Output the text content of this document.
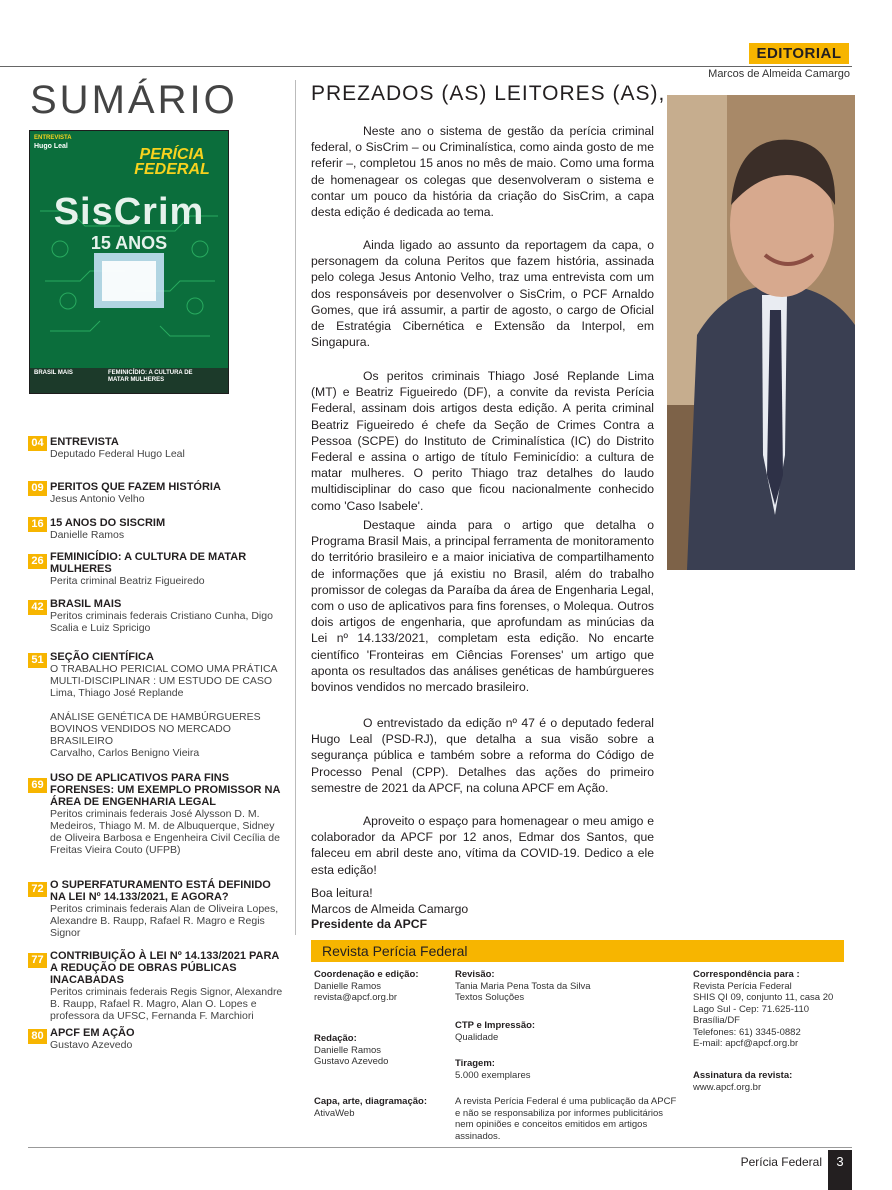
EDITORIAL
Marcos de Almeida Camargo
SUMÁRIO
PERÍCIA FEDERAL
SisCrim
15 ANOS
ENTREVISTA
Hugo Leal
BRASIL MAIS	FEMINICÍDIO: A CULTURA DE MATAR MULHERES
04 ENTREVISTA
Deputado Federal Hugo Leal
09 PERITOS QUE FAZEM HISTÓRIA
Jesus Antonio Velho
16 15 ANOS DO SISCRIM
Danielle Ramos
26 FEMINICÍDIO: A CULTURA DE MATAR MULHERES
Perita criminal Beatriz Figueiredo
42 BRASIL MAIS
Peritos criminais federais Cristiano Cunha, Digo Scalia e Luiz Spricigo
51 SEÇÃO CIENTÍFICA
O TRABALHO PERICIAL COMO UMA PRÁTICA MULTI-DISCIPLINAR : UM ESTUDO DE CASO
Lima, Thiago José Replande
ANÁLISE GENÉTICA DE HAMBÚRGUERES BOVINOS VENDIDOS NO MERCADO BRASILEIRO
Carvalho, Carlos Benigno Vieira
69
USO DE APLICATIVOS PARA FINS FORENSES: UM EXEMPLO PROMISSOR NA ÁREA DE ENGENHARIA LEGAL
Peritos criminais federais José Alysson D. M. Medeiros, Thiago M. M. de Albuquerque, Sidney de Oliveira Barbosa e Engenheira Civil Cecília de Freitas Vieira Couto (UFPB)
72 O SUPERFATURAMENTO ESTÁ DEFINIDO NA LEI Nº 14.133/2021, E AGORA?
Peritos criminais federais Alan de Oliveira Lopes, Alexandre B. Raupp, Rafael R. Magro e Regis Signor
77 CONTRIBUIÇÃO À LEI Nº 14.133/2021 PARA A REDUÇÃO DE OBRAS PÚBLICAS INACABADAS
Peritos criminais federais Regis Signor, Alexandre B. Raupp, Rafael R. Magro, Alan O. Lopes e professora da UFSC, Fernanda F. Marchiori
80 APCF EM AÇÃO
Gustavo Azevedo
PREZADOS (AS) LEITORES (AS),
Neste ano o sistema de gestão da perícia criminal federal, o SisCrim – ou Criminalística, como ainda gosto de me referir –, completou 15 anos no mês de maio. Como uma forma de homenagear os colegas que desenvolveram o sistema e contar um pouco da história da criação do SisCrim, a capa desta edição é dedicada ao tema.
Ainda ligado ao assunto da reportagem da capa, o personagem da coluna Peritos que fazem história, assinada pelo colega Jesus Antonio Velho, traz uma entrevista com um dos responsáveis por desenvolver o SisCrim, o PCF Arnaldo Gomes, que irá assumir, a partir de agosto, o cargo de Oficial de Estratégia Cibernética e Extensão da Interpol, em Singapura.
Os peritos criminais Thiago José Replande Lima (MT) e Beatriz Figueiredo (DF), a convite da revista Perícia Federal, assinam dois artigos desta edição. A perita criminal Beatriz Figueiredo é chefe da Seção de Crimes Contra a Pessoa (SCPE) do Instituto de Criminalística (IC) do Distrito Federal e assina o artigo de título Feminicídio: a cultura de matar mulheres. O perito Thiago traz detalhes do laudo multidisciplinar do caso que ficou nacionalmente conhecido como 'Caso Isabele'.
Destaque ainda para o artigo que detalha o Programa Brasil Mais, a principal ferramenta de monitoramento do território brasileiro e a maior iniciativa de compartilhamento de informações que já existiu no Brasil, além do trabalho promissor de colegas da Paraíba da área de Engenharia Legal, com o uso de aplicativos para fins forenses, o Molequa. Outros dois artigos de engenharia, que aprofundam as minúcias da Lei nº 14.133/2021, completam esta edição. No encarte científico 'Fronteiras em Ciências Forenses' um artigo que aponta os resultados das análises genéticas de hambúrgueres bovinos vendidos no mercado brasileiro.
O entrevistado da edição nº 47 é o deputado federal Hugo Leal (PSD-RJ), que detalha a sua visão sobre a segurança pública e também sobre a reforma do Código de Processo Penal (CPP). Detalhes das ações do primeiro semestre de 2021 da APCF, na coluna APCF em Ação.
Aproveito o espaço para homenagear o meu amigo e colaborador da APCF por 12 anos, Edmar dos Santos, que faleceu em abril deste ano, vítima da COVID-19. Dedico a ele esta edição!
Boa leitura!
Marcos de Almeida Camargo
Presidente da APCF
Revista Perícia Federal
Coordenação e edição:
Danielle Ramos
revista@apcf.org.br
Redação:
Danielle Ramos
Gustavo Azevedo
Capa, arte, diagramação:
AtivaWeb
Revisão:
Tania Maria Pena Tosta da Silva
Textos Soluções
CTP e Impressão:
Qualidade
Tiragem:
5.000 exemplares
A revista Perícia Federal é uma publicação da APCF e não se responsabiliza por informes publicitários nem opiniões e conceitos emitidos em artigos assinados.
Correspondência para :
Revista Perícia Federal
SHIS QI 09, conjunto 11, casa 20
Lago Sul - Cep: 71.625-110 Brasília/DF
Telefones: 61) 3345-0882
E-mail: apcf@apcf.org.br
Assinatura da revista:
www.apcf.org.br
Perícia Federal	3
